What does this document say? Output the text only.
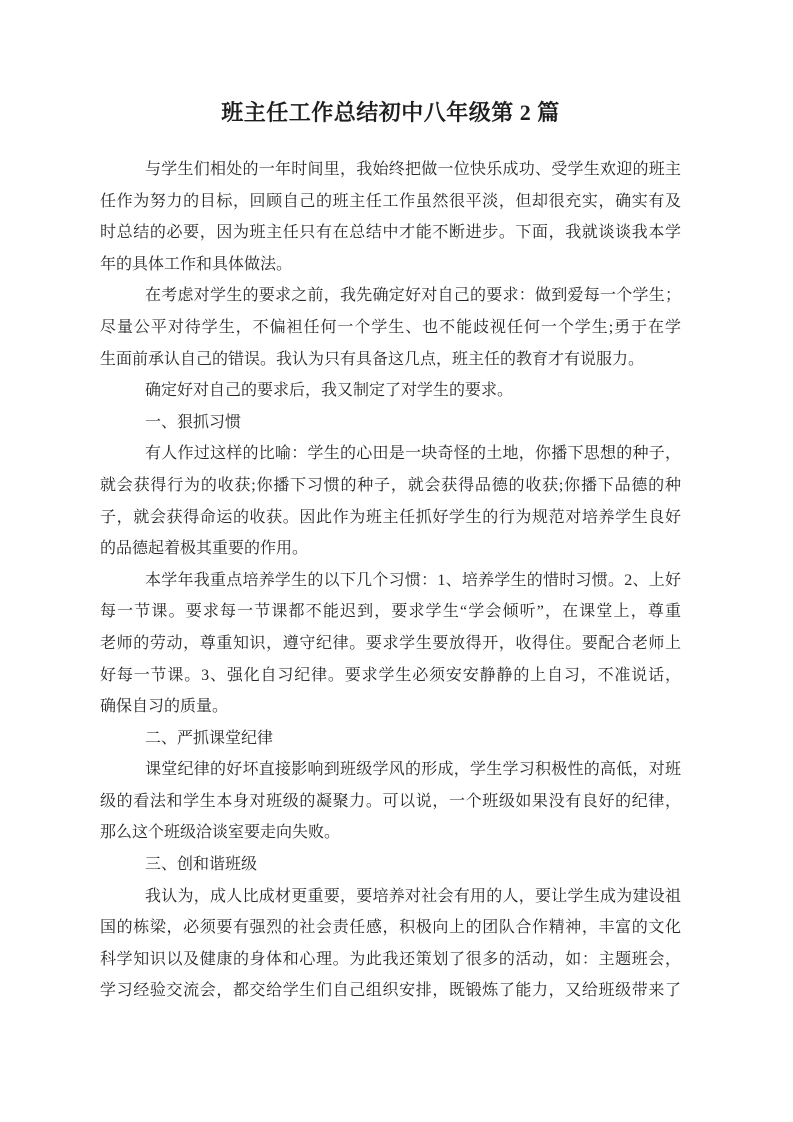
班主任工作总结初中八年级第 2 篇
与学生们相处的一年时间里，我始终把做一位快乐成功、受学生欢迎的班主
任作为努力的目标，回顾自己的班主任工作虽然很平淡，但却很充实，确实有及
时总结的必要，因为班主任只有在总结中才能不断进步。下面，我就谈谈我本学
年的具体工作和具体做法。
在考虑对学生的要求之前，我先确定好对自己的要求：做到爱每一个学生；
尽量公平对待学生，不偏袒任何一个学生、也不能歧视任何一个学生;勇于在学
生面前承认自己的错误。我认为只有具备这几点，班主任的教育才有说服力。
确定好对自己的要求后，我又制定了对学生的要求。
一、狠抓习惯
有人作过这样的比喻：学生的心田是一块奇怪的土地，你播下思想的种子，
就会获得行为的收获;你播下习惯的种子，就会获得品德的收获;你播下品德的种
子，就会获得命运的收获。因此作为班主任抓好学生的行为规范对培养学生良好
的品德起着极其重要的作用。
本学年我重点培养学生的以下几个习惯：1、培养学生的惜时习惯。2、上好
每一节课。要求每一节课都不能迟到，要求学生“学会倾听”，在课堂上，尊重
老师的劳动，尊重知识，遵守纪律。要求学生要放得开，收得住。要配合老师上
好每一节课。3、强化自习纪律。要求学生必须安安静静的上自习，不准说话，
确保自习的质量。
二、严抓课堂纪律
课堂纪律的好坏直接影响到班级学风的形成，学生学习积极性的高低，对班
级的看法和学生本身对班级的凝聚力。可以说，一个班级如果没有良好的纪律，
那么这个班级洽谈室要走向失败。
三、创和谐班级
我认为，成人比成材更重要，要培养对社会有用的人，要让学生成为建设祖
国的栋梁，必须要有强烈的社会责任感，积极向上的团队合作精神，丰富的文化
科学知识以及健康的身体和心理。为此我还策划了很多的活动，如：主题班会，
学习经验交流会，都交给学生们自己组织安排，既锻炼了能力，又给班级带来了
